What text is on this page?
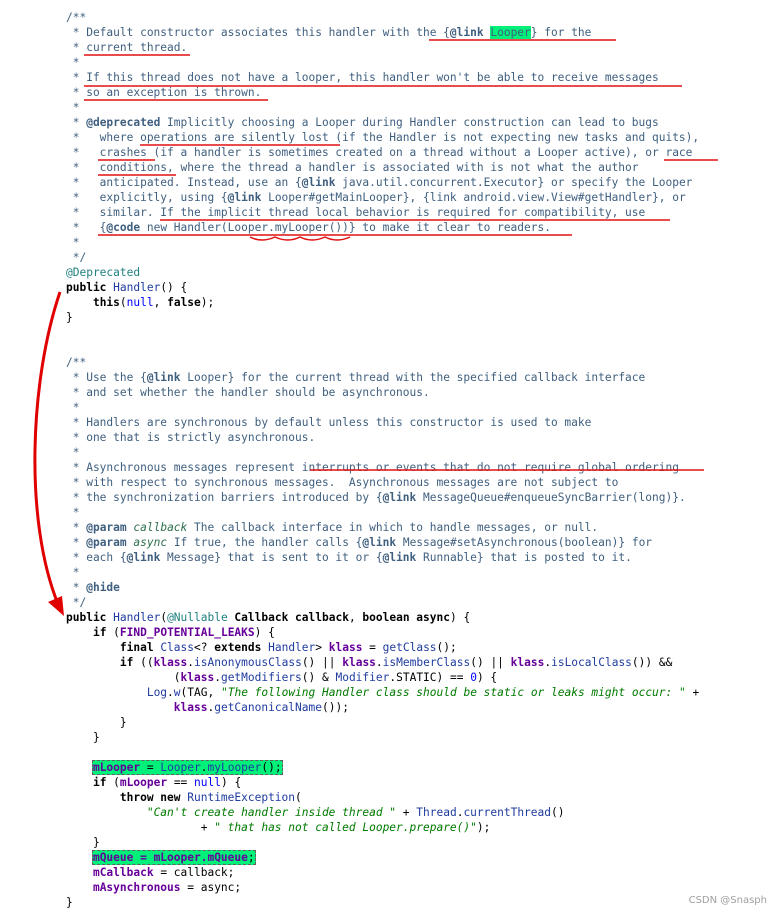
/**
* Default constructor associates this handler with the {@link Looper} for the
* current thread.
*
* If this thread does not have a looper, this handler won't be able to receive messages
* so an exception is thrown.
*
* @deprecated Implicitly choosing a Looper during Handler construction can lead to bugs
*   where operations are silently lost (if the Handler is not expecting new tasks and quits),
*   crashes (if a handler is sometimes created on a thread without a Looper active), or race
*   conditions, where the thread a handler is associated with is not what the author
*   anticipated. Instead, use an {@link java.util.concurrent.Executor} or specify the Looper
*   explicitly, using {@link Looper#getMainLooper}, {link android.view.View#getHandler}, or
*   similar. If the implicit thread local behavior is required for compatibility, use
*   {@code new Handler(Looper.myLooper())} to make it clear to readers.
*
*/
@Deprecated
public Handler() {
this(null, false);
}
/**
* Use the {@link Looper} for the current thread with the specified callback interface
* and set whether the handler should be asynchronous.
*
* Handlers are synchronous by default unless this constructor is used to make
* one that is strictly asynchronous.
*
* Asynchronous messages represent interrupts or events that do not require global ordering
* with respect to synchronous messages.  Asynchronous messages are not subject to
* the synchronization barriers introduced by {@link MessageQueue#enqueueSyncBarrier(long)}.
*
* @param callback The callback interface in which to handle messages, or null.
* @param async If true, the handler calls {@link Message#setAsynchronous(boolean)} for
* each {@link Message} that is sent to it or {@link Runnable} that is posted to it.
*
* @hide
*/
public Handler(@Nullable Callback callback, boolean async) {
if (FIND_POTENTIAL_LEAKS) {
final Class<? extends Handler> klass = getClass();
if ((klass.isAnonymousClass() || klass.isMemberClass() || klass.isLocalClass()) &&
(klass.getModifiers() & Modifier.STATIC) == 0) {
Log.w(TAG, "The following Handler class should be static or leaks might occur: " +
klass.getCanonicalName());
}
}
mLooper = Looper.myLooper();
if (mLooper == null) {
throw new RuntimeException(
"Can't create handler inside thread " + Thread.currentThread()
+ " that has not called Looper.prepare()");
}
mQueue = mLooper.mQueue;
mCallback = callback;
mAsynchronous = async;
}	CSDN @Snasph
